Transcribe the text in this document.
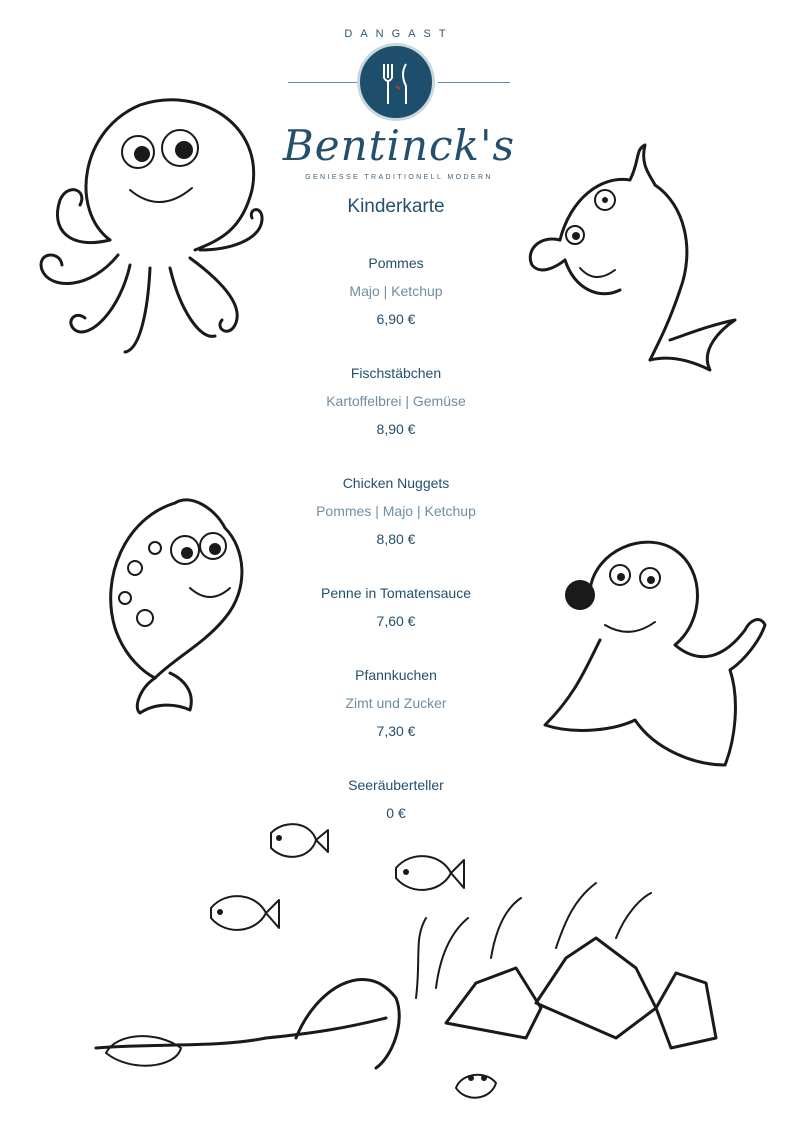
DANGAST
Bentinck's
GENIESSE TRADITIONELL MODERN
Kinderkarte
Pommes
Majo | Ketchup
6,90 €
Fischstäbchen
Kartoffelbrei | Gemüse
8,90 €
Chicken Nuggets
Pommes | Majo | Ketchup
8,80 €
Penne in Tomatensauce
7,60 €
Pfannkuchen
Zimt und Zucker
7,30 €
Seeräuberteller
0 €
